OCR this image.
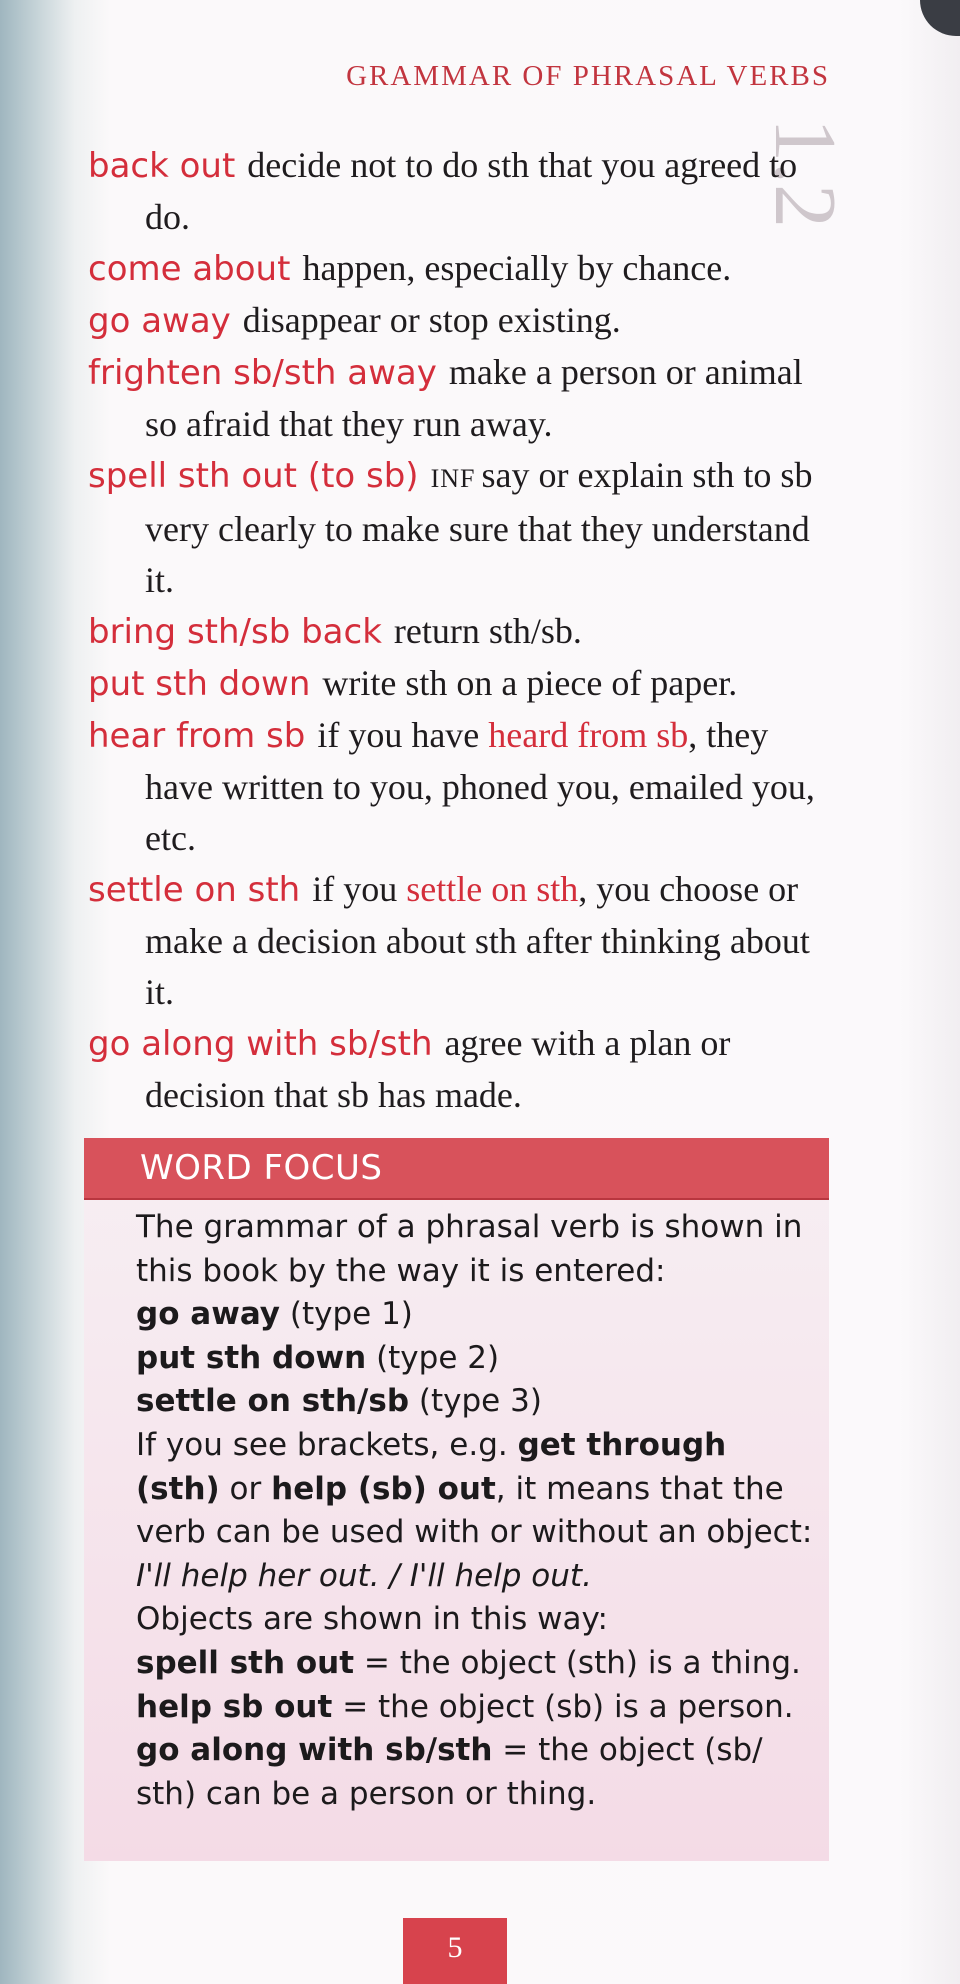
GRAMMAR OF PHRASAL VERBS
1.2
back out decide not to do sth that you agreed to do.
come about happen, especially by chance.
go away disappear or stop existing.
frighten sb/sth away make a person or animal so afraid that they run away.
spell sth out (to sb) INF say or explain sth to sb very clearly to make sure that they understand it.
bring sth/sb back return sth/sb.
put sth down write sth on a piece of paper.
hear from sb if you have heard from sb, they have written to you, phoned you, emailed you, etc.
settle on sth if you settle on sth, you choose or make a decision about sth after thinking about it.
go along with sb/sth agree with a plan or decision that sb has made.
WORD FOCUS
The grammar of a phrasal verb is shown in this book by the way it is entered:
go away (type 1)
put sth down (type 2)
settle on sth/sb (type 3)
If you see brackets, e.g. get through (sth) or help (sb) out, it means that the verb can be used with or without an object:
I'll help her out. / I'll help out.
Objects are shown in this way:
spell sth out = the object (sth) is a thing.
help sb out = the object (sb) is a person.
go along with sb/sth = the object (sb/ sth) can be a person or thing.
5
